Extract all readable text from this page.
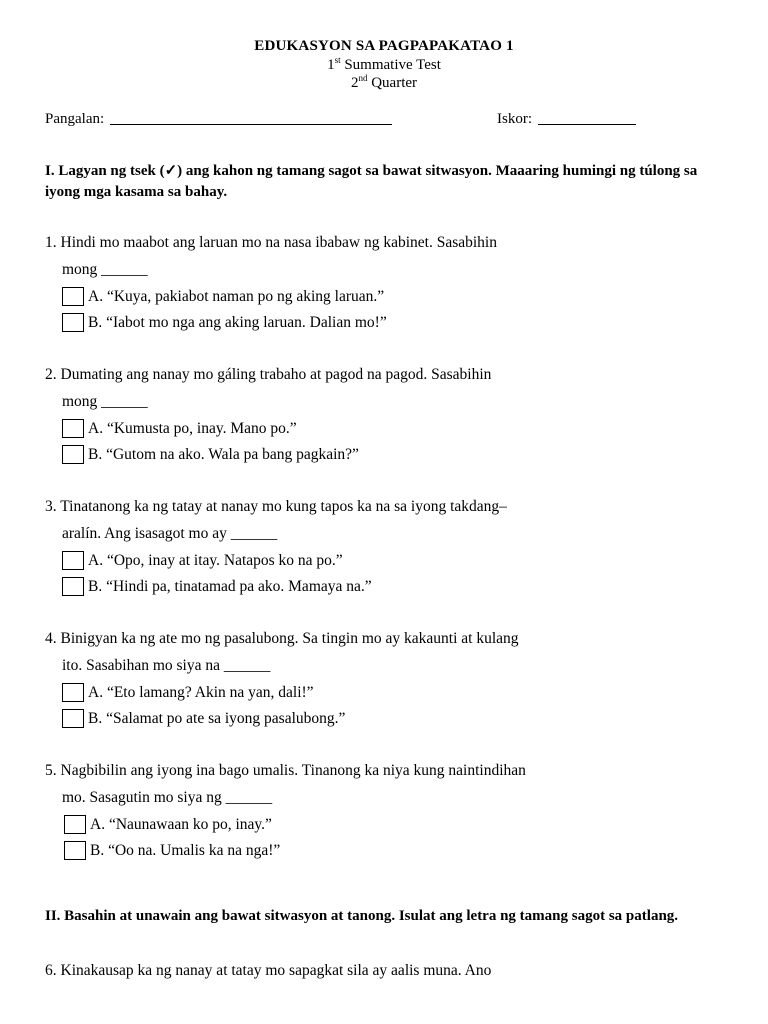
EDUKASYON SA PAGPAPAKATAO 1
1st Summative Test
2nd Quarter
Pangalan:	Iskor:
I. Lagyan ng tsek (✓) ang kahon ng tamang sagot sa bawat sitwasyon. Maaaring humingi ng túlong sa iyong mga kasama sa bahay.
1. Hindi mo maabot ang laruan mo na nasa ibabaw ng kabinet. Sasabihin
mong ______
A. “Kuya, pakiabot naman po ng aking laruan.”
B. “Iabot mo nga ang aking laruan. Dalian mo!”
2. Dumating ang nanay mo gáling trabaho at pagod na pagod. Sasabihin
mong ______
A. “Kumusta po, inay. Mano po.”
B. “Gutom na ako. Wala pa bang pagkain?”
3. Tinatanong ka ng tatay at nanay mo kung tapos ka na sa iyong takdang–
aralín. Ang isasagot mo ay ______
A. “Opo, inay at itay. Natapos ko na po.”
B. “Hindi pa, tinatamad pa ako. Mamaya na.”
4. Binigyan ka ng ate mo ng pasalubong. Sa tingin mo ay kakaunti at kulang
ito. Sasabihan mo siya na ______
A. “Eto lamang? Akin na yan, dali!”
B. “Salamat po ate sa iyong pasalubong.”
5. Nagbibilin ang iyong ina bago umalis. Tinanong ka niya kung naintindihan
mo. Sasagutin mo siya ng ______
A. “Naunawaan ko po, inay.”
B. “Oo na. Umalis ka na nga!”
II. Basahin at unawain ang bawat sitwasyon at tanong. Isulat ang letra ng tamang sagot sa patlang.
6. Kinakausap ka ng nanay at tatay mo sapagkat sila ay aalis muna. Ano
